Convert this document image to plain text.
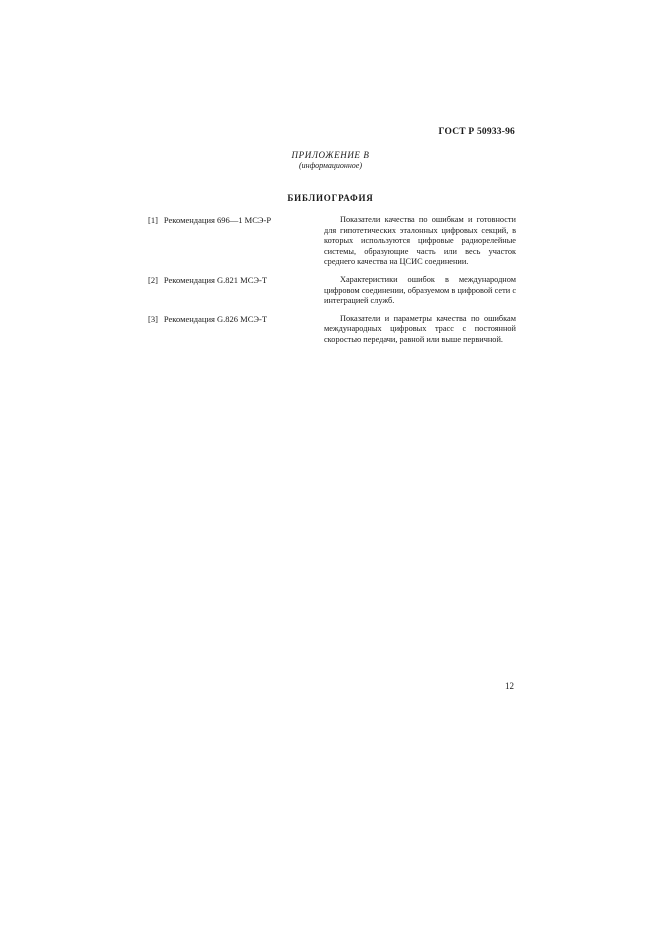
ГОСТ Р 50933-96
ПРИЛОЖЕНИЕ В
(информационное)
БИБЛИОГРАФИЯ
[1] Рекомендация 696—1 МСЭ-Р	Показатели качества по ошибкам и готовности для гипотетических эталонных цифровых секций, в которых используются цифровые радиорелейные системы, образующие часть или весь участок среднего качества на ЦСИС соединении.
[2] Рекомендация G.821 МСЭ-Т	Характеристики ошибок в международном цифровом соединении, образуемом в цифровой сети с интеграцией служб.
[3] Рекомендация G.826 МСЭ-Т	Показатели и параметры качества по ошибкам международных цифровых трасс с постоянной скоростью передачи, равной или выше первичной.
12
